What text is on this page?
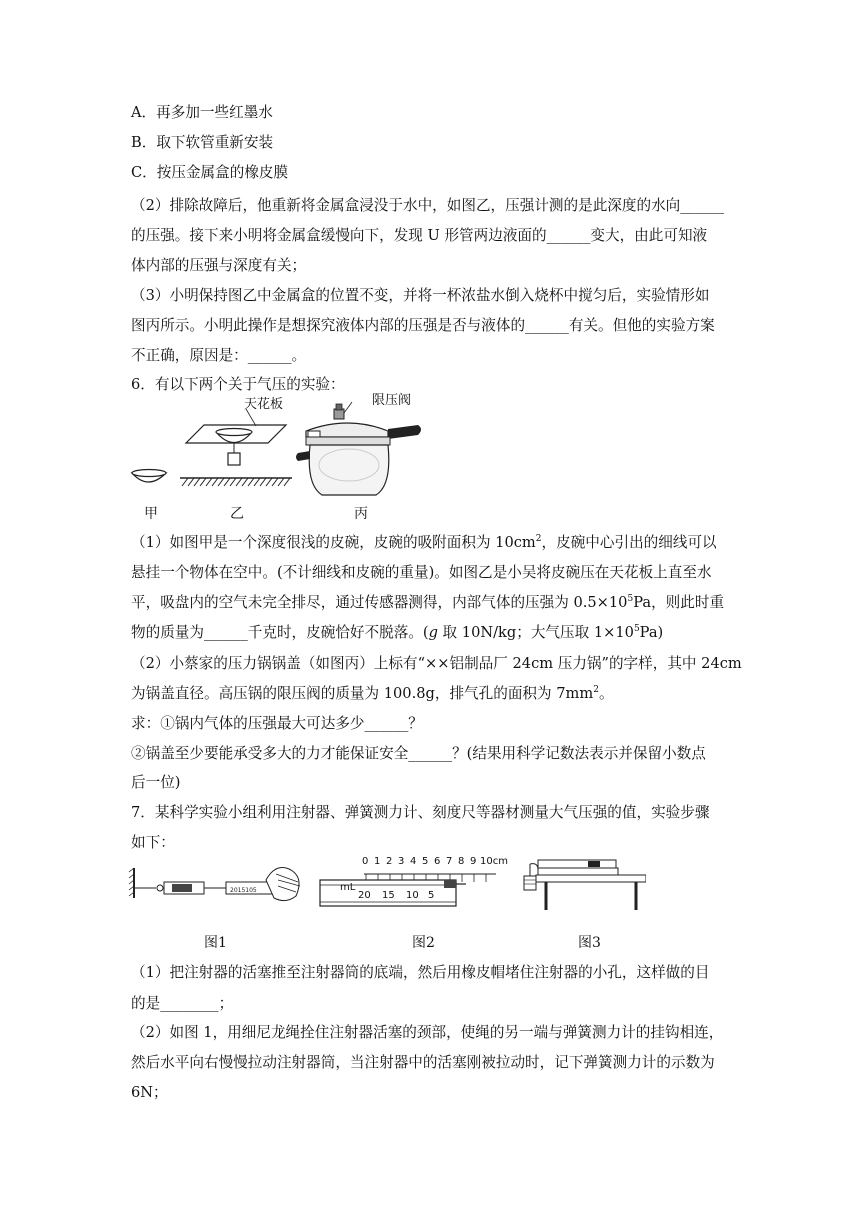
A．再多加一些红墨水
B．取下软管重新安装
C．按压金属盒的橡皮膜
（2）排除故障后，他重新将金属盒浸没于水中，如图乙，压强计测的是此深度的水向______
的压强。接下来小明将金属盒缓慢向下，发现 U 形管两边液面的______变大，由此可知液
体内部的压强与深度有关；
（3）小明保持图乙中金属盒的位置不变，并将一杯浓盐水倒入烧杯中搅匀后，实验情形如
图丙所示。小明此操作是想探究液体内部的压强是否与液体的______有关。但他的实验方案
不正确，原因是：______。
6．有以下两个关于气压的实验：
天花板	限压阀
甲	乙	丙
（1）如图甲是一个深度很浅的皮碗，皮碗的吸附面积为 $10cm^2$，皮碗中心引出的细线可以
悬挂一个物体在空中。(不计细线和皮碗的重量)。如图乙是小吴将皮碗压在天花板上直至水
平，吸盘内的空气未完全排尽，通过传感器测得，内部气体的压强为 $0.5\times 10^5Pa$，则此时重
物的质量为______千克时，皮碗恰好不脱落。(g 取 10N/kg；大气压取 $1\times 10^5Pa$)
（2）小蔡家的压力锅锅盖（如图丙）上标有“××铝制品厂 24cm 压力锅”的字样，其中 24cm
为锅盖直径。高压锅的限压阀的质量为 100.8g，排气孔的面积为 $7mm^2$。
求：①锅内气体的压强最大可达多少______？
②锅盖至少要能承受多大的力才能保证安全______？(结果用科学记数法表示并保留小数点
后一位)
7．某科学实验小组利用注射器、弹簧测力计、刻度尺等器材测量大气压强的值，实验步骤
如下：
2015105
0 1 2 3 4 5 6 7 8 9 10cm
mL
20 15 10 5
图1	图2	图3
（1）把注射器的活塞推至注射器筒的底端，然后用橡皮帽堵住注射器的小孔，这样做的目
的是________；
（2）如图 1，用细尼龙绳拴住注射器活塞的颈部，使绳的另一端与弹簧测力计的挂钩相连，
然后水平向右慢慢拉动注射器筒，当注射器中的活塞刚被拉动时，记下弹簧测力计的示数为
6N；
